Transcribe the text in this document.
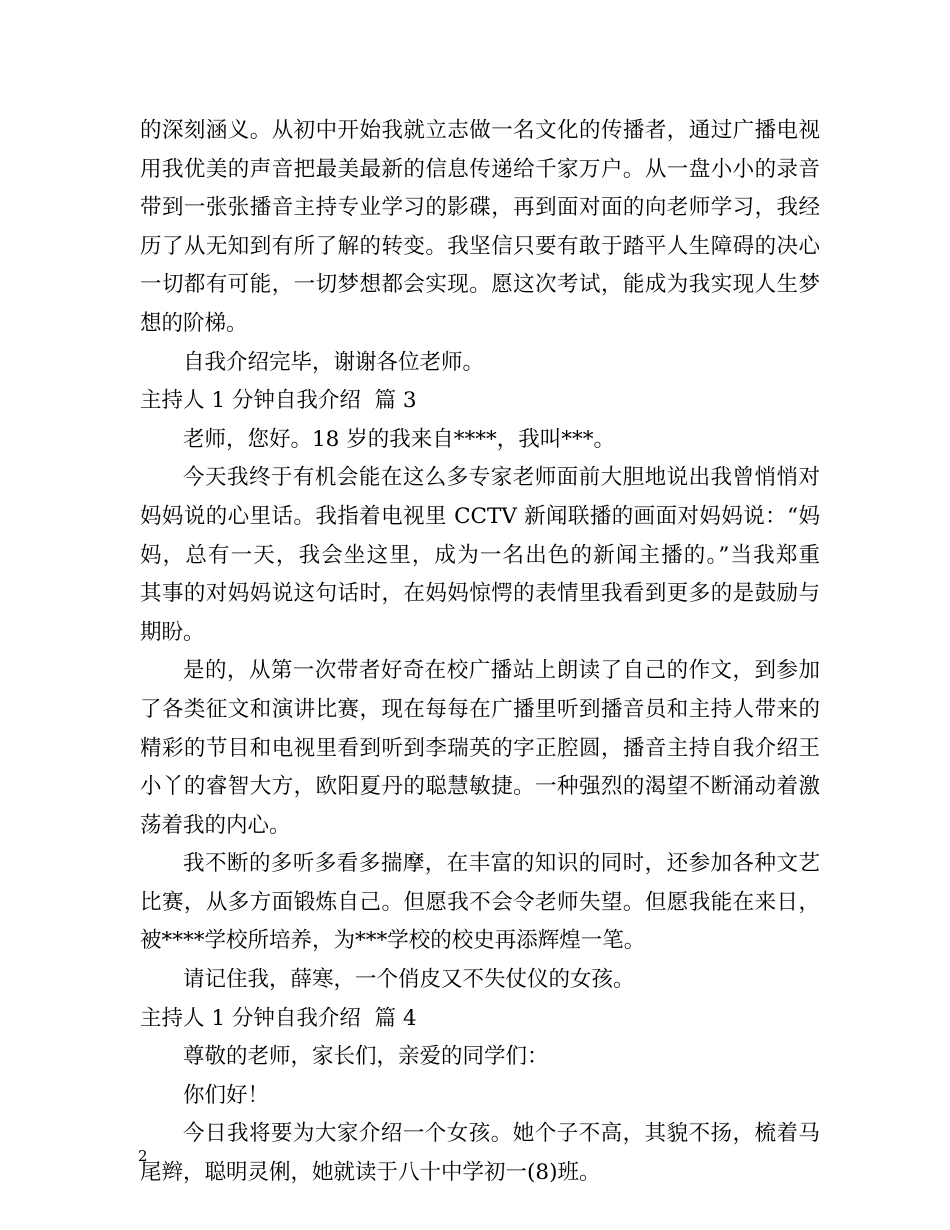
的深刻涵义。从初中开始我就立志做一名文化的传播者，通过广播电视
用我优美的声音把最美最新的信息传递给千家万户。从一盘小小的录音
带到一张张播音主持专业学习的影碟，再到面对面的向老师学习，我经
历了从无知到有所了解的转变。我坚信只要有敢于踏平人生障碍的决心
一切都有可能，一切梦想都会实现。愿这次考试，能成为我实现人生梦
想的阶梯。
自我介绍完毕，谢谢各位老师。
主持人 1 分钟自我介绍  篇 3
老师，您好。18 岁的我来自****，我叫***。
今天我终于有机会能在这么多专家老师面前大胆地说出我曾悄悄对
妈妈说的心里话。我指着电视里 CCTV 新闻联播的画面对妈妈说：“妈
妈，总有一天，我会坐这里，成为一名出色的新闻主播的。”当我郑重
其事的对妈妈说这句话时，在妈妈惊愕的表情里我看到更多的是鼓励与
期盼。
是的，从第一次带者好奇在校广播站上朗读了自己的作文，到参加
了各类征文和演讲比赛，现在每每在广播里听到播音员和主持人带来的
精彩的节目和电视里看到听到李瑞英的字正腔圆，播音主持自我介绍王
小丫的睿智大方，欧阳夏丹的聪慧敏捷。一种强烈的渴望不断涌动着激
荡着我的内心。
我不断的多听多看多揣摩，在丰富的知识的同时，还参加各种文艺
比赛，从多方面锻炼自己。但愿我不会令老师失望。但愿我能在来日，
被****学校所培养，为***学校的校史再添辉煌一笔。
请记住我，薛寒，一个俏皮又不失仗仪的女孩。
主持人 1 分钟自我介绍  篇 4
尊敬的老师，家长们，亲爱的同学们：
你们好！
今日我将要为大家介绍一个女孩。她个子不高，其貌不扬，梳着马
尾辫，聪明灵俐，她就读于八十中学初一(8)班。
2
